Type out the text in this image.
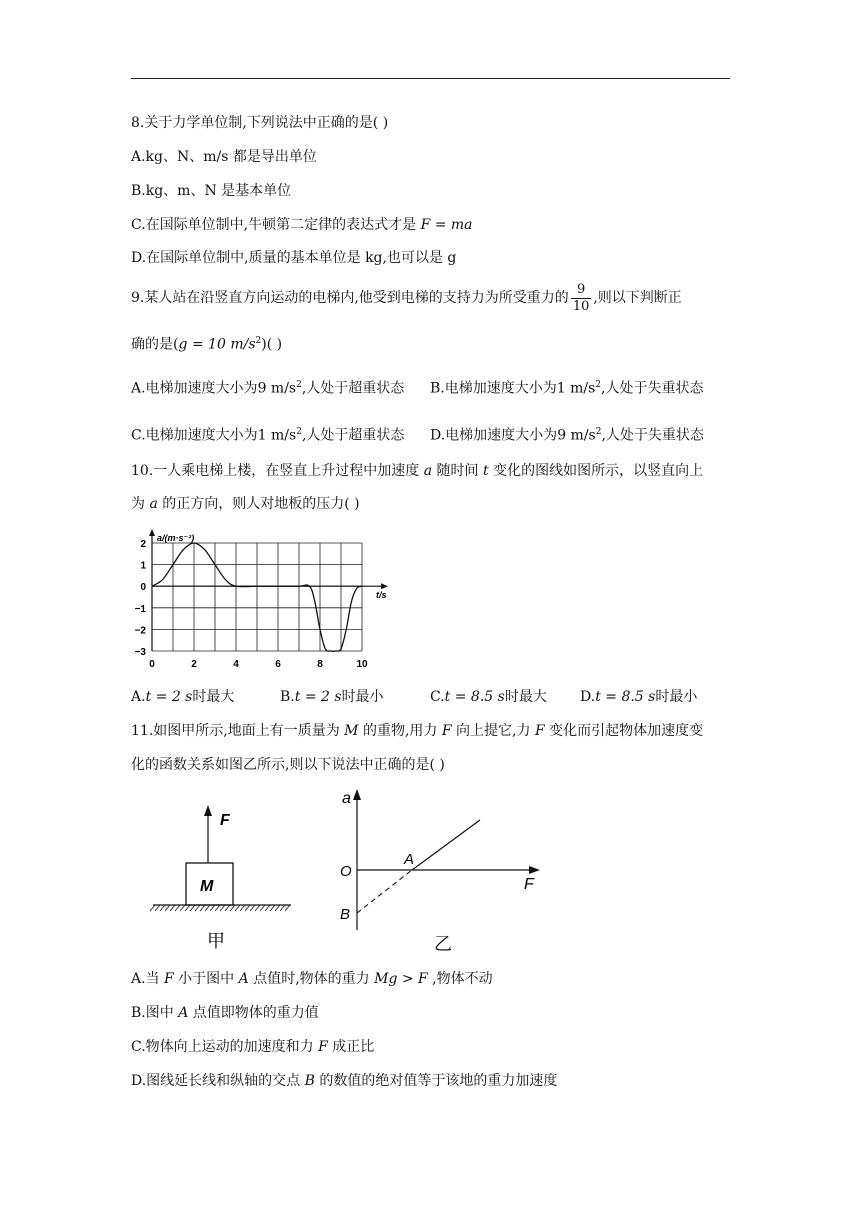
8.关于力学单位制,下列说法中正确的是( )
A.kg、N、m/s 都是导出单位
B.kg、m、N 是基本单位
C.在国际单位制中,牛顿第二定律的表达式才是 F = ma
D.在国际单位制中,质量的基本单位是 kg,也可以是 g
9.某人站在沿竖直方向运动的电梯内,他受到电梯的支持力为所受重力的 $\frac{9}{10}$ ,则以下判断正
确的是(g = 10 $m/s^2$)( )
A.电梯加速度大小为9 $m/s^2$,人处于超重状态 B.电梯加速度大小为1 $m/s^2$,人处于失重状态
C.电梯加速度大小为1 $m/s^2$,人处于超重状态 D.电梯加速度大小为9 $m/s^2$,人处于失重状态
10.一人乘电梯上楼，在竖直上升过程中加速度 a 随时间 t 变化的图线如图所示，以竖直向上
为 a 的正方向，则人对地板的压力( )
0	2	4	6	8	10
2
1
0
−1
−2
−3
a/(m·s⁻²)
t/s
A.t = 2 s时最大	B.t = 2 s时最小	C.t = 8.5 s时最大 D.t = 8.5 s时最小
11.如图甲所示,地面上有一质量为 M 的重物,用力 F 向上提它,力 F 变化而引起物体加速度变
化的函数关系如图乙所示,则以下说法中正确的是( )
F
M
甲
a
F
O
A
B
乙
A.当 F 小于图中 A 点值时,物体的重力 Mg > F ,物体不动
B.图中 A 点值即物体的重力值
C.物体向上运动的加速度和力 F 成正比
D.图线延长线和纵轴的交点 B 的数值的绝对值等于该地的重力加速度
